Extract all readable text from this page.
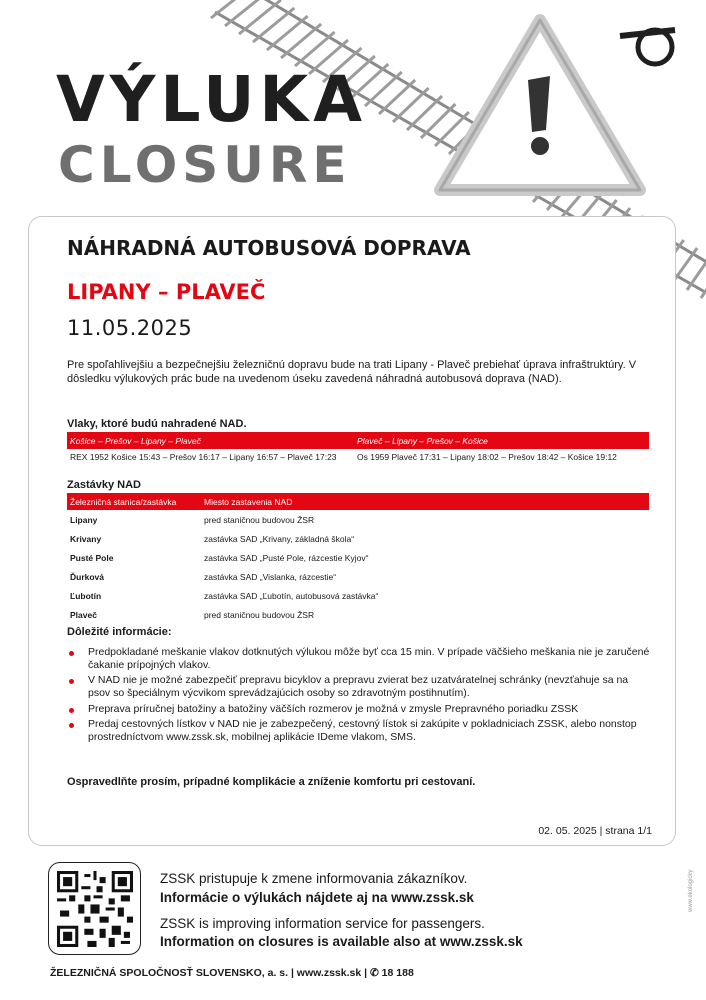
VÝLUKA
CLOSURE
NÁHRADNÁ AUTOBUSOVÁ DOPRAVA
LIPANY – PLAVEČ
11.05.2025
Pre spoľahlivejšiu a bezpečnejšiu železničnú dopravu bude na trati Lipany - Plaveč prebiehať úprava infraštruktúry. V dôsledku výlukových prác bude na uvedenom úseku zavedená náhradná autobusová doprava (NAD).
Vlaky, ktoré budú nahradené NAD.
Košice – Prešov – Lipany – Plaveč	Plaveč – Lipany – Prešov – Košice
REX 1952 Košice 15:43 – Prešov 16:17 – Lipany 16:57 – Plaveč 17:23	Os 1959 Plaveč 17:31 – Lipany 18:02 – Prešov 18:42 – Košice 19:12
Zastávky NAD
Železničná stanica/zastávka	Miesto zastavenia NAD
Lipany	pred staničnou budovou ŽSR
Krivany	zastávka SAD „Krivany, základná škola“
Pusté Pole	zastávka SAD „Pusté Pole, rázcestie Kyjov“
Ďurková	zastávka SAD „Vislanka, rázcestie“
Ľubotín	zastávka SAD „Ľubotín, autobusová zastávka“
Plaveč	pred staničnou budovou ŽSR
Dôležité informácie:
Predpokladané meškanie vlakov dotknutých výlukou môže byť cca 15 min. V prípade väčšieho meškania nie je zaručené čakanie prípojných vlakov.
V NAD nie je možné zabezpečiť prepravu bicyklov a prepravu zvierat bez uzatváratelnej schránky (nevzťahuje sa na psov so špeciálnym výcvikom sprevádzajúcich osoby so zdravotným postihnutím).
Preprava príručnej batožiny a batožiny väčších rozmerov je možná v zmysle Prepravného poriadku ZSSK
Predaj cestovných lístkov v NAD nie je zabezpečený, cestovný lístok si zakúpite v pokladniciach ZSSK, alebo nonstop prostredníctvom www.zssk.sk, mobilnej aplikácie IDeme vlakom, SMS.
Ospravedlňte prosím, prípadné komplikácie a zníženie komfortu pri cestovaní.
02. 05. 2025 | strana 1/1
ZSSK pristupuje k zmene informovania zákazníkov.
Informácie o výlukách nájdete aj na www.zssk.sk
ZSSK is improving information service for passengers.
Information on closures is available also at www.zssk.sk
ŽELEZNIČNÁ SPOLOČNOSŤ SLOVENSKO, a. s. | www.zssk.sk | ✆ 18 188
www.ekologicky
